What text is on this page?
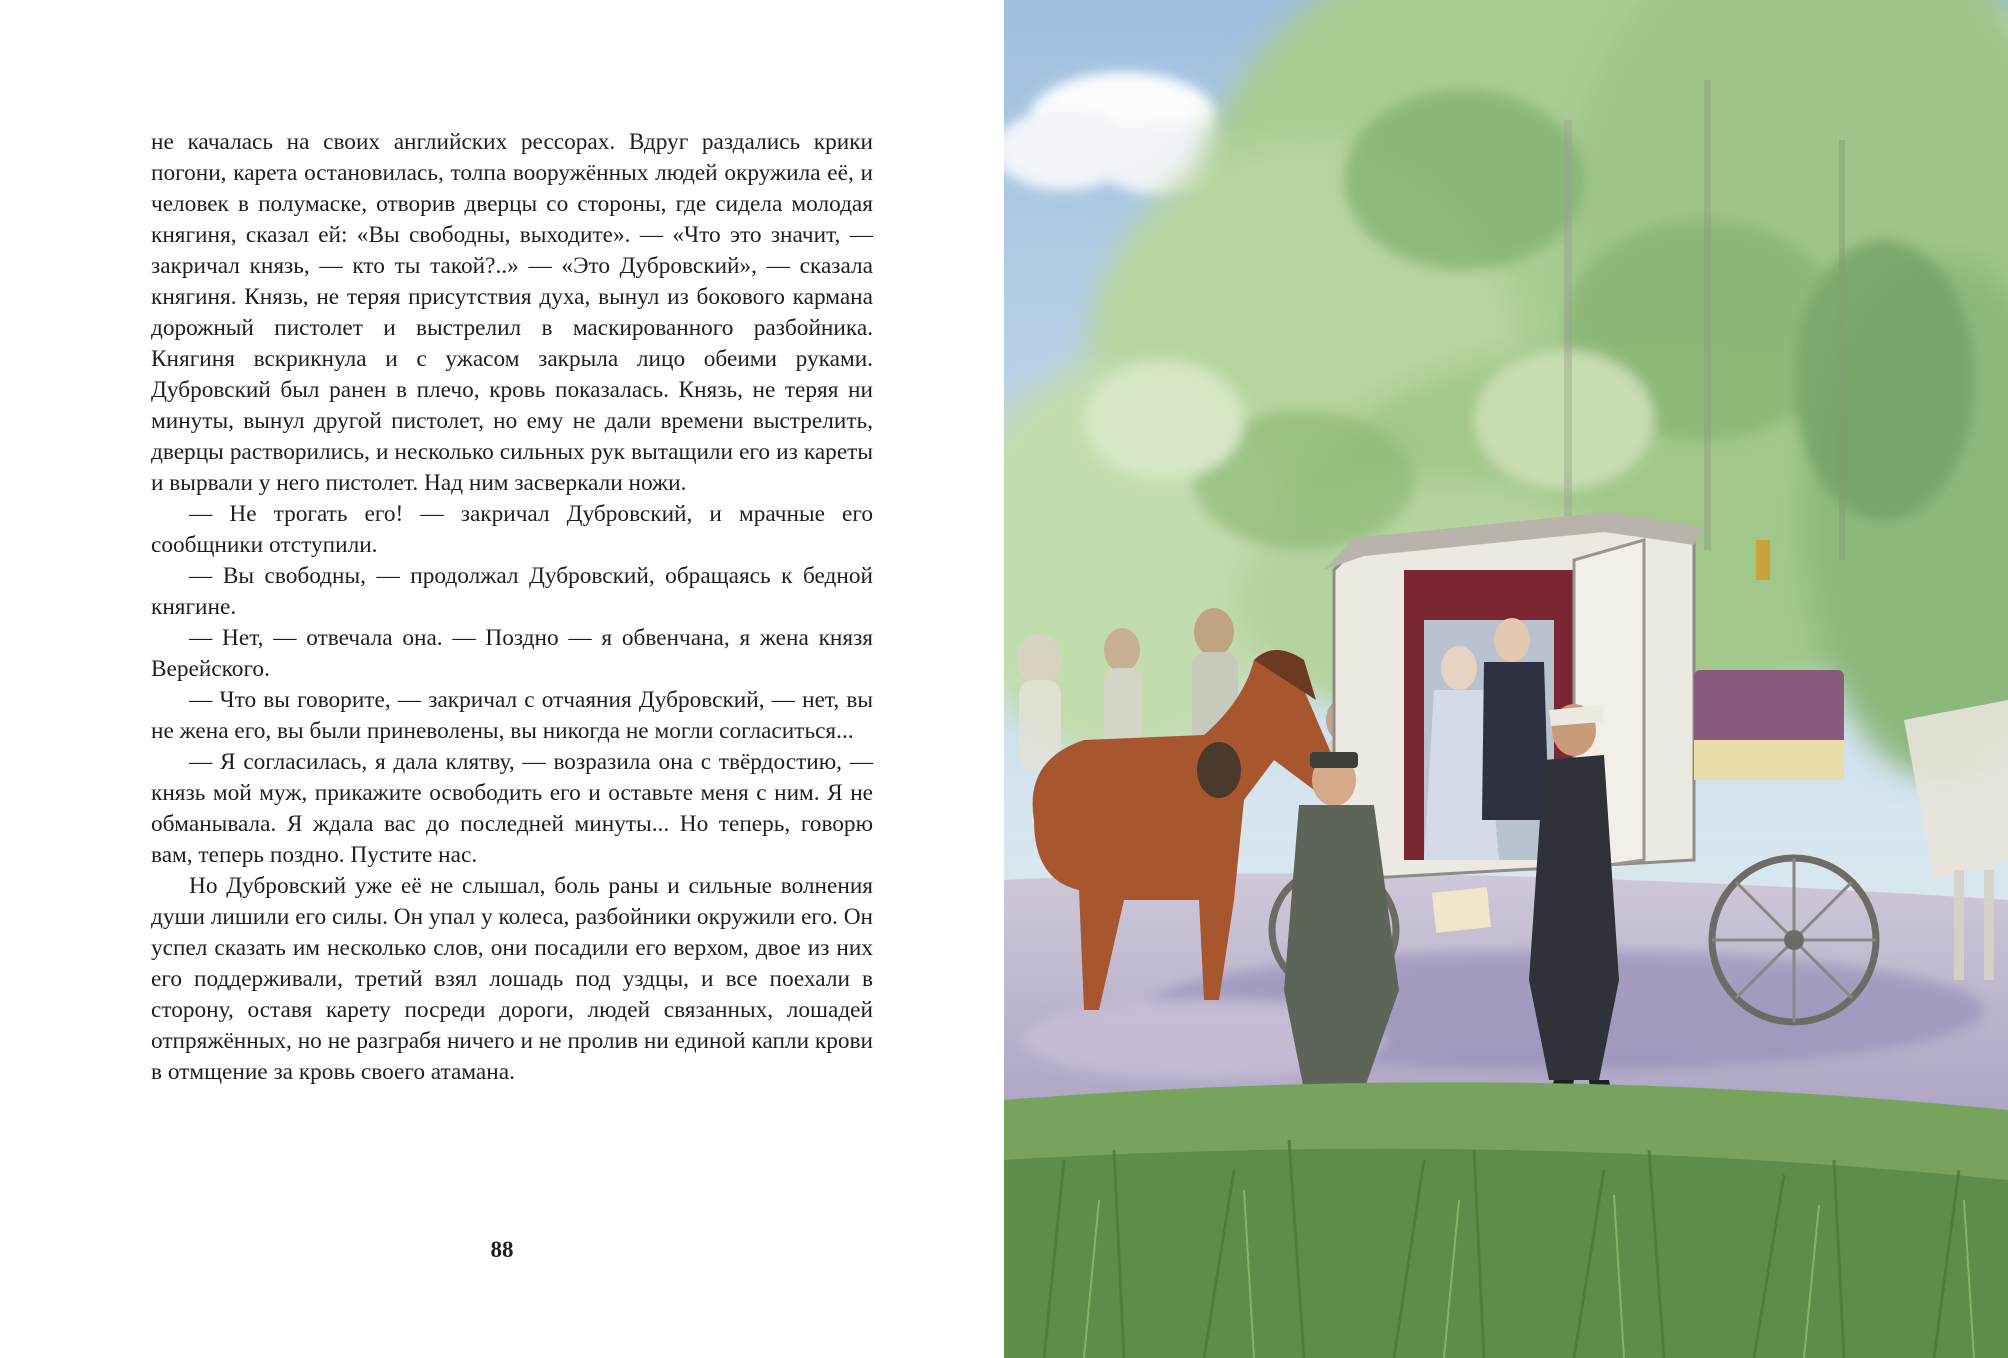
не качалась на своих английских рессорах. Вдруг раздались крики погони, карета остановилась, толпа вооружённых людей окружила её, и человек в полумаске, отворив дверцы со стороны, где сидела молодая княгиня, сказал ей: «Вы свободны, выходите». — «Что это значит, — закричал князь, — кто ты такой?..» — «Это Дубровский», — сказала княгиня. Князь, не теряя присутствия духа, вынул из бокового кармана дорожный пистолет и выстрелил в маскированного разбойника. Княгиня вскрикнула и с ужасом закрыла лицо обеими руками. Дубровский был ранен в плечо, кровь показалась. Князь, не теряя ни минуты, вынул другой пистолет, но ему не дали времени выстрелить, дверцы растворились, и несколько сильных рук вытащили его из кареты и вырвали у него пистолет. Над ним засверкали ножи.

— Не трогать его! — закричал Дубровский, и мрачные его сообщники отступили.

— Вы свободны, — продолжал Дубровский, обращаясь к бедной княгине.

— Нет, — отвечала она. — Поздно — я обвенчана, я жена князя Верейского.

— Что вы говорите, — закричал с отчаяния Дубровский, — нет, вы не жена его, вы были приневолены, вы никогда не могли согласиться...

— Я согласилась, я дала клятву, — возразила она с твёрдостию, — князь мой муж, прикажите освободить его и оставьте меня с ним. Я не обманывала. Я ждала вас до последней минуты... Но теперь, говорю вам, теперь поздно. Пустите нас.

Но Дубровский уже её не слышал, боль раны и сильные волнения души лишили его силы. Он упал у колеса, разбойники окружили его. Он успел сказать им несколько слов, они посадили его верхом, двое из них его поддерживали, третий взял лошадь под уздцы, и все поехали в сторону, оставя карету посреди дороги, людей связанных, лошадей отпряжённых, но не разграбя ничего и не пролив ни единой капли крови в отмщение за кровь своего атамана.

88
